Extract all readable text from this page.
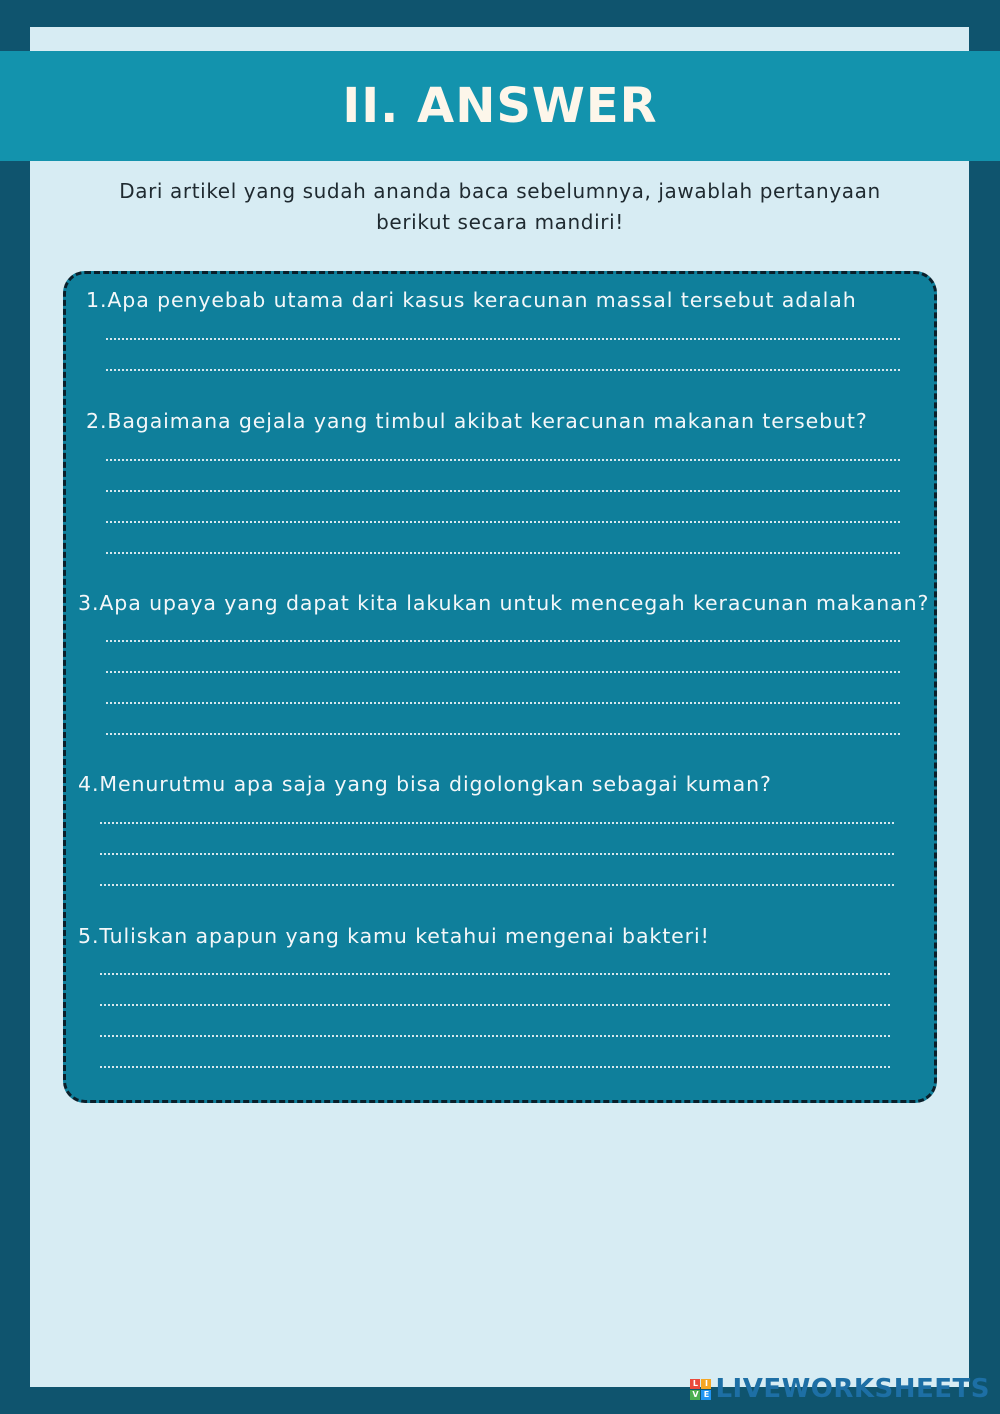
II. ANSWER
Dari artikel yang sudah ananda baca sebelumnya, jawablah pertanyaan
berikut secara mandiri!
1.Apa penyebab utama dari kasus keracunan massal tersebut adalah
2.Bagaimana gejala yang timbul akibat keracunan makanan tersebut?
3.Apa upaya yang dapat kita lakukan untuk mencegah keracunan makanan?
4.Menurutmu apa saja yang bisa digolongkan sebagai kuman?
5.Tuliskan apapun yang kamu ketahui mengenai bakteri!
L I
V E LIVEWORKSHEETS
